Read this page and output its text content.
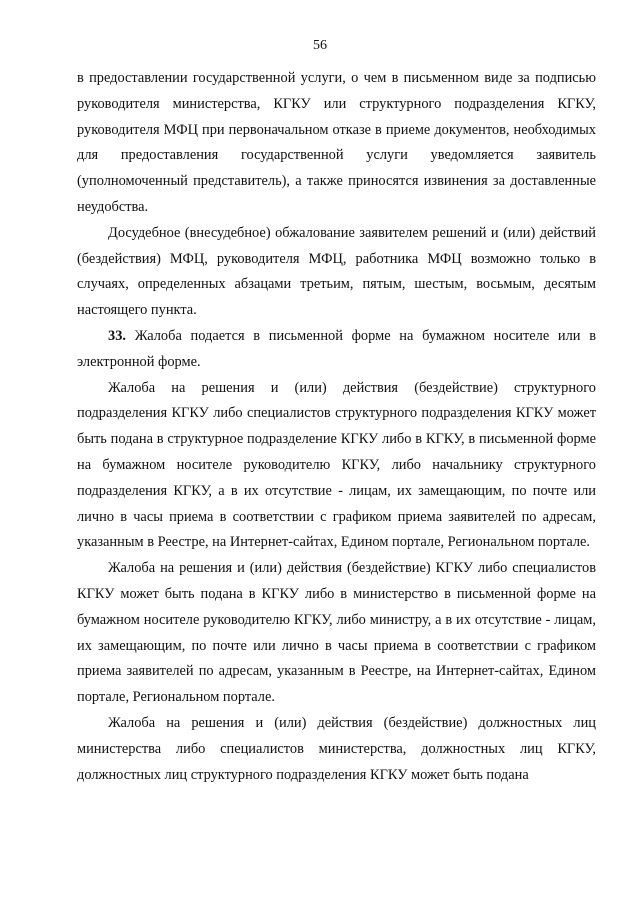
56

в предоставлении государственной услуги, о чем в письменном виде за подписью руководителя министерства, КГКУ или структурного подразделения КГКУ, руководителя МФЦ при первоначальном отказе в приеме документов, необходимых для предоставления государственной услуги уведомляется заявитель (уполномоченный представитель), а также приносятся извинения за доставленные неудобства.

Досудебное (внесудебное) обжалование заявителем решений и (или) действий (бездействия) МФЦ, руководителя МФЦ, работника МФЦ возможно только в случаях, определенных абзацами третьим, пятым, шестым, восьмым, десятым настоящего пункта.

33. Жалоба подается в письменной форме на бумажном носителе или в электронной форме.

Жалоба на решения и (или) действия (бездействие) структурного подразделения КГКУ либо специалистов структурного подразделения КГКУ может быть подана в структурное подразделение КГКУ либо в КГКУ, в письменной форме на бумажном носителе руководителю КГКУ, либо начальнику структурного подразделения КГКУ, а в их отсутствие - лицам, их замещающим, по почте или лично в часы приема в соответствии с графиком приема заявителей по адресам, указанным в Реестре, на Интернет-сайтах, Едином портале, Региональном портале.

Жалоба на решения и (или) действия (бездействие) КГКУ либо специалистов КГКУ может быть подана в КГКУ либо в министерство в письменной форме на бумажном носителе руководителю КГКУ, либо министру, а в их отсутствие - лицам, их замещающим, по почте или лично в часы приема в соответствии с графиком приема заявителей по адресам, указанным в Реестре, на Интернет-сайтах, Едином портале, Региональном портале.

Жалоба на решения и (или) действия (бездействие) должностных лиц министерства либо специалистов министерства, должностных лиц КГКУ, должностных лиц структурного подразделения КГКУ может быть подана
